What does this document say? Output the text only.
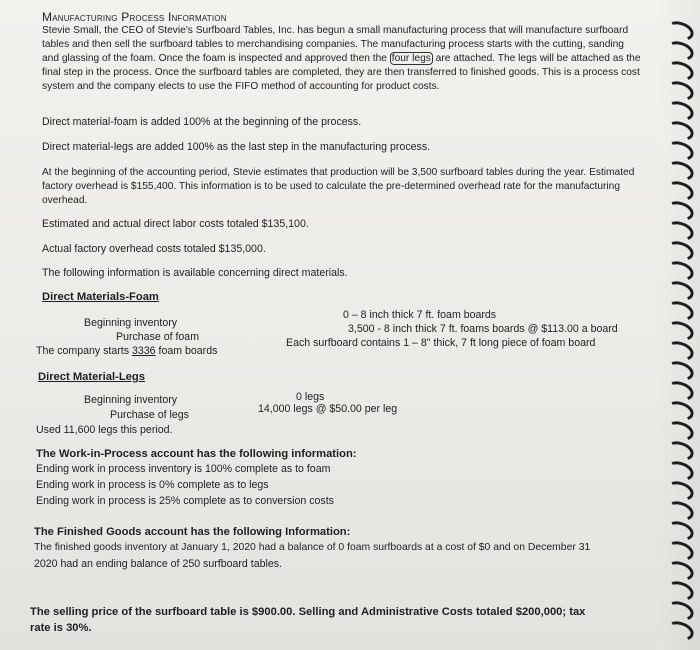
Manufacturing Process Information
Stevie Small, the CEO of Stevie's Surfboard Tables, Inc. has begun a small manufacturing process that will manufacture surfboard tables and then sell the surfboard tables to merchandising companies. The manufacturing process starts with the cutting, sanding and glassing of the foam. Once the foam is inspected and approved then the four legs are attached. The legs will be attached as the final step in the process. Once the surfboard tables are completed, they are then transferred to finished goods. This is a process cost system and the company elects to use the FIFO method of accounting for product costs.
Direct material-foam is added 100% at the beginning of the process.
Direct material-legs are added 100% as the last step in the manufacturing process.
At the beginning of the accounting period, Stevie estimates that production will be 3,500 surfboard tables during the year. Estimated factory overhead is $155,400. This information is to be used to calculate the pre-determined overhead rate for the manufacturing overhead.
Estimated and actual direct labor costs totaled $135,100.
Actual factory overhead costs totaled $135,000.
The following information is available concerning direct materials.
Direct Materials-Foam
Beginning inventory
0 – 8 inch thick 7 ft. foam boards
Purchase of foam
3,500 - 8 inch thick 7 ft. foams boards @ $113.00 a board
The company starts 3336 foam boards
Each surfboard contains 1 – 8" thick, 7 ft long piece of foam board
Direct Material-Legs
Beginning inventory	0 legs
Purchase of legs	14,000 legs @ $50.00 per leg
Used 11,600 legs this period.
The Work-in-Process account has the following information:
Ending work in process inventory is 100% complete as to foam
Ending work in process is 0% complete as to legs
Ending work in process is 25% complete as to conversion costs
The Finished Goods account has the following Information:
The finished goods inventory at January 1, 2020 had a balance of 0 foam surfboards at a cost of $0 and on December 31
2020 had an ending balance of 250 surfboard tables.
The selling price of the surfboard table is $900.00. Selling and Administrative Costs totaled $200,000; tax
rate is 30%.
